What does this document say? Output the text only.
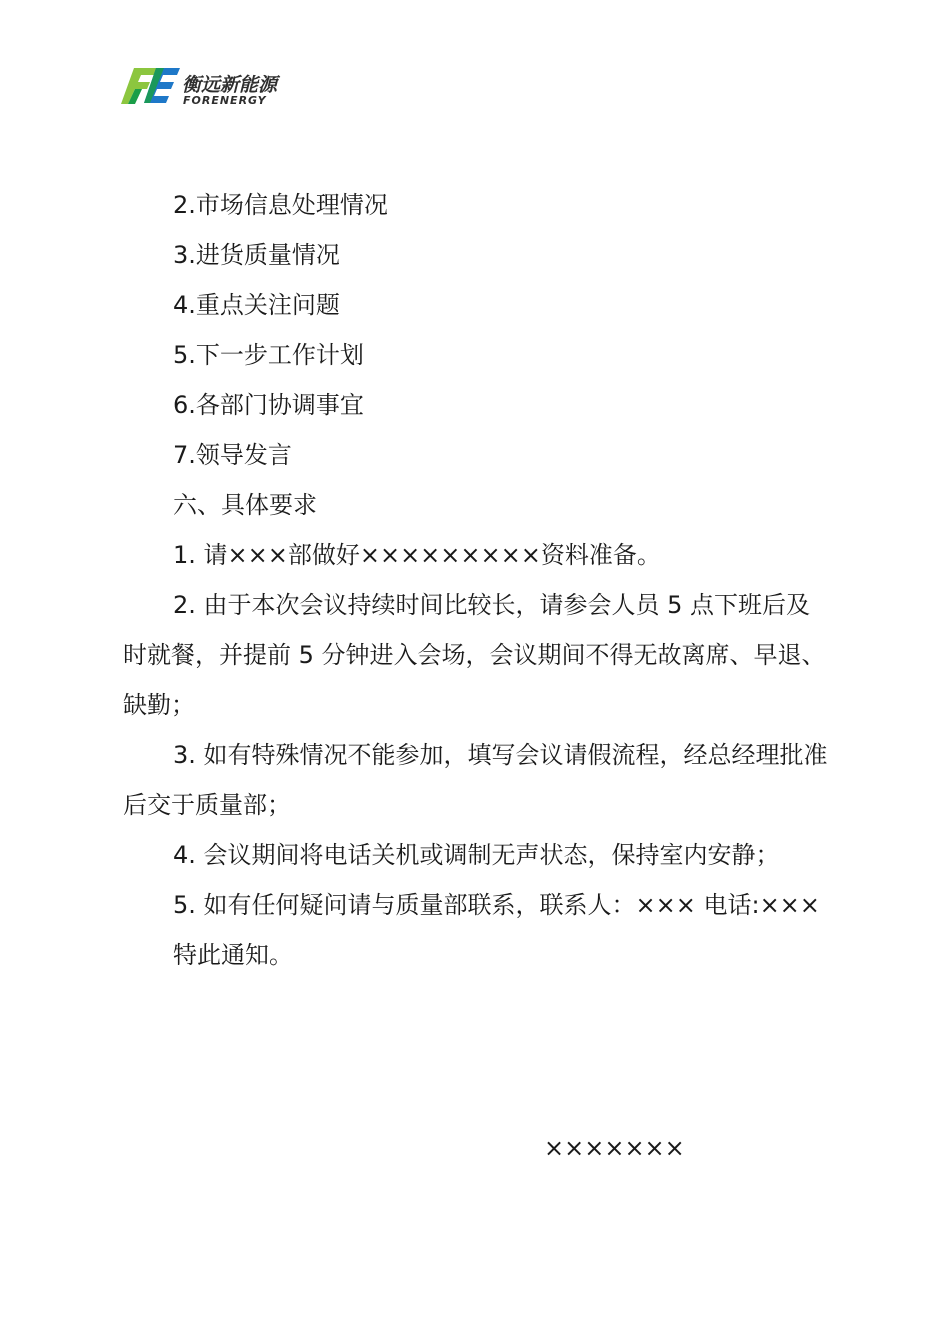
衡远新能源
FORENERGY

2.市场信息处理情况

3.进货质量情况

4.重点关注问题

5.下一步工作计划

6.各部门协调事宜

7.领导发言

六、具体要求

1. 请×××部做好×××××××××资料准备。

2. 由于本次会议持续时间比较长，请参会人员 5 点下班后及时就餐，并提前 5 分钟进入会场，会议期间不得无故离席、早退、缺勤；

3. 如有特殊情况不能参加，填写会议请假流程，经总经理批准后交于质量部；

4. 会议期间将电话关机或调制无声状态，保持室内安静；

5. 如有任何疑问请与质量部联系，联系人：××× 电话:×××

特此通知。

×××××××
